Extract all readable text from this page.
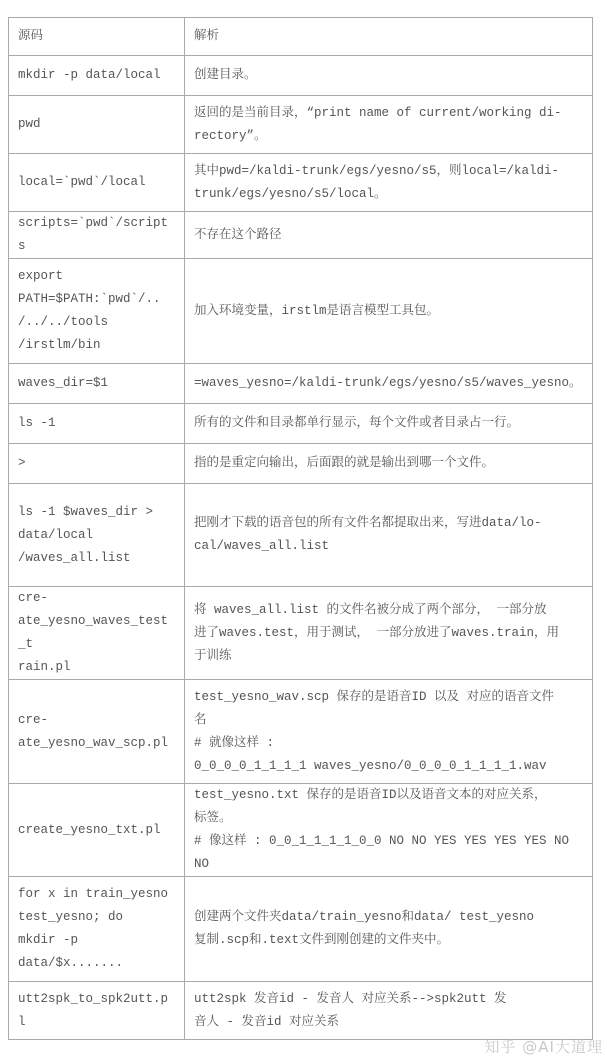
源码	解析
mkdir -p data/local	创建目录。
pwd	返回的是当前目录，“print name of current/working di-
rectory”。
local=`pwd`/local	其中pwd=/kaldi-trunk/egs/yesno/s5，则local=/kaldi-
trunk/egs/yesno/s5/local。
scripts=`pwd`/scripts	不存在这个路径
export
PATH=$PATH:`pwd`/..
/../../tools
/irstlm/bin	加入环境变量，irstlm是语言模型工具包。
waves_dir=$1	=waves_yesno=/kaldi-trunk/egs/yesno/s5/waves_yesno。
ls -1	所有的文件和目录都单行显示，每个文件或者目录占一行。
>	指的是重定向输出，后面跟的就是输出到哪一个文件。
ls -1 $waves_dir >
data/local
/waves_all.list	把刚才下载的语音包的所有文件名都提取出来，写进data/lo-
cal/waves_all.list

cre-
ate_yesno_waves_test_t
rain.pl	将 waves_all.list 的文件名被分成了两个部分， 一部分放
进了waves.test，用于测试， 一部分放进了waves.train，用
于训练
cre-
ate_yesno_wav_scp.pl	test_yesno_wav.scp 保存的是语音ID 以及 对应的语音文件
名
# 就像这样 :
0_0_0_0_1_1_1_1 waves_yesno/0_0_0_0_1_1_1_1.wav
create_yesno_txt.pl	test_yesno.txt 保存的是语音ID以及语音文本的对应关系，
标签。
# 像这样 : 0_0_1_1_1_1_0_0 NO NO YES YES YES YES NO NO
for x in train_yesno
test_yesno; do
mkdir -p
data/$x.......	创建两个文件夹data/train_yesno和data/ test_yesno
复制.scp和.text文件到刚创建的文件夹中。
utt2spk_to_spk2utt.pl	utt2spk 发音id - 发音人 对应关系-->spk2utt 发
音人 - 发音id 对应关系
知乎 @AI大道理
